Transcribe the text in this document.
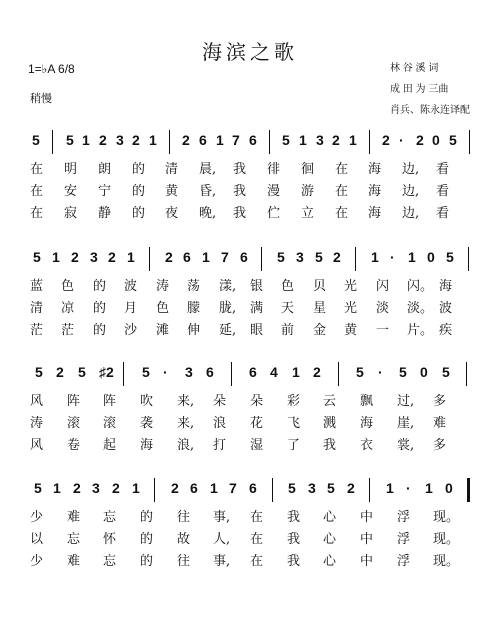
海滨之歌
1=♭A 6/8
稍慢
林 谷 溪 词
成 田 为 三曲
肖兵、陈永连译配
5 5 1 2 3 2 1 2 6 1 7 6 5 1 3 2 1 2 · 2 0 5
在 明 朗 的 清 晨, 我 徘 徊 在 海 边, 看
在 安 宁 的 黄 昏, 我 漫 游 在 海 边, 看
在 寂 静 的 夜 晚, 我 伫 立 在 海 边, 看
5 1 2 3 2 1 2 6 1 7 6 5 3 5 2 1 · 1 0 5
蓝 色 的 波 涛 荡 漾, 银 色 贝 光 闪 闪。 海
清 凉 的 月 色 朦 胧, 满 天 星 光 淡 淡。 波
茫 茫 的 沙 滩 伸 延, 眼 前 金 黄 一 片。 疾
5 2 5 ♯2 5 · 3 6	6 4 1 2	5 · 5 0 5
风 阵 阵 吹 来, 朵 朵 彩 云 飘 过, 多
涛 滚 滚 袭 来, 浪 花 飞 溅 海 崖, 难
风 卷 起 海 浪, 打 湿 了 我 衣 裳, 多
5 1 2 3 2 1 2 6 1 7 6 5 3 5 2 1 · 1 0
少 难 忘 的 往 事, 在 我 心 中 浮 现。
以 忘 怀 的 故 人, 在 我 心 中 浮 现。
少 难 忘 的 往 事, 在 我 心 中 浮 现。
